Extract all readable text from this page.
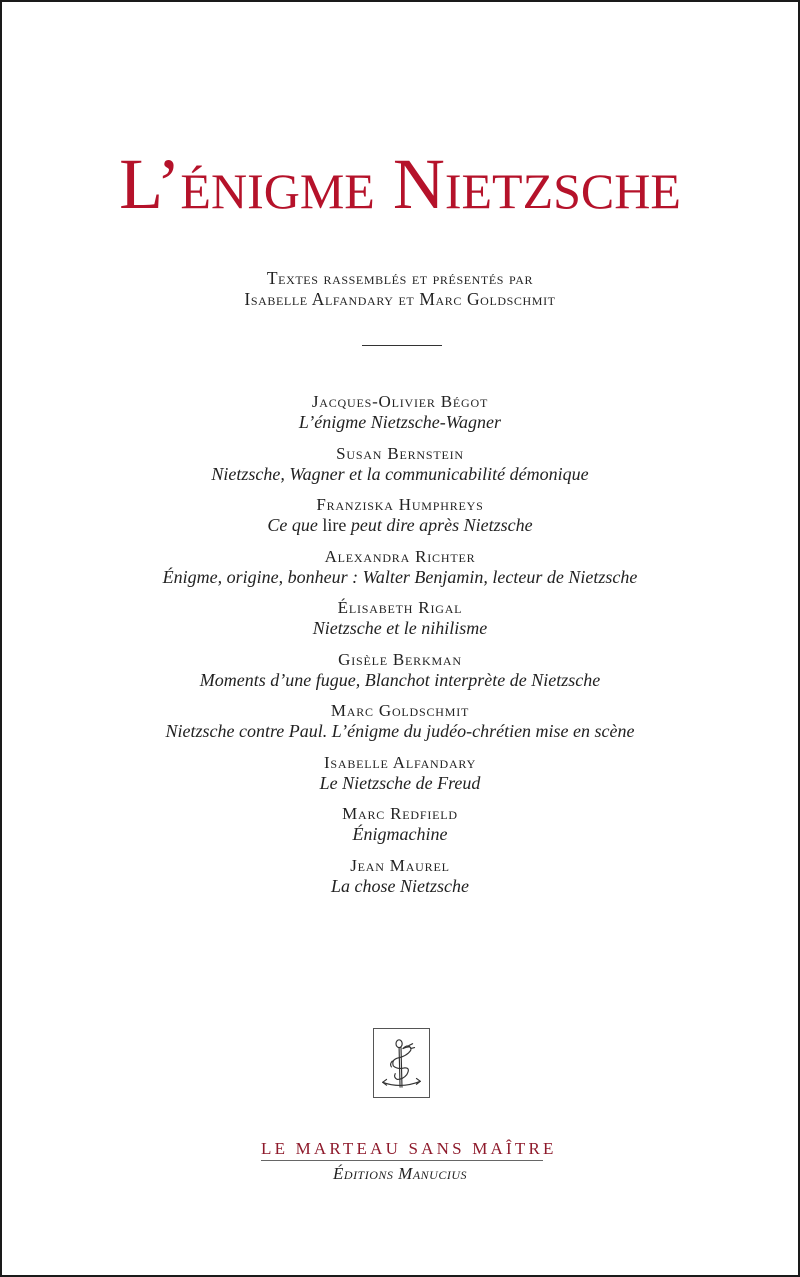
L’énigme Nietzsche
Textes rassemblés et présentés par
Isabelle Alfandary et Marc Goldschmit
Jacques-Olivier Bégot
L’énigme Nietzsche-Wagner
Susan Bernstein
Nietzsche, Wagner et la communicabilité démonique
Franziska Humphreys
Ce que lire peut dire après Nietzsche
Alexandra Richter
Énigme, origine, bonheur : Walter Benjamin, lecteur de Nietzsche
Élisabeth Rigal
Nietzsche et le nihilisme
Gisèle Berkman
Moments d’une fugue, Blanchot interprète de Nietzsche
Marc Goldschmit
Nietzsche contre Paul. L’énigme du judéo-chrétien mise en scène
Isabelle Alfandary
Le Nietzsche de Freud
Marc Redfield
Énigmachine
Jean Maurel
La chose Nietzsche
LE MARTEAU SANS MAÎTRE
Éditions Manucius
